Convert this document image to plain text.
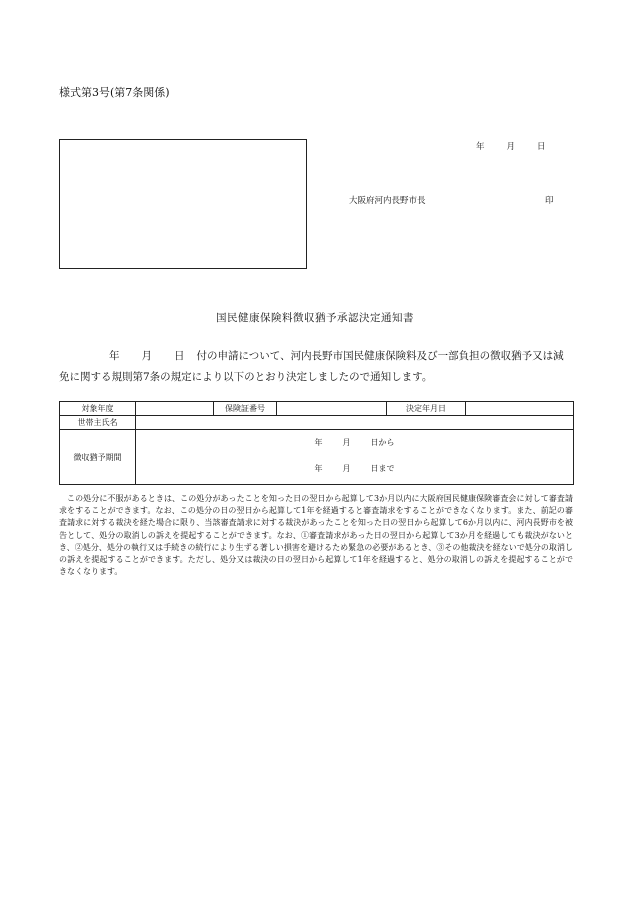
様式第3号(第7条関係)
年	月	日
大阪府河内長野市長	印
国民健康保険料徴収猶予承認決定通知書
年 月 日 付の申請について、河内長野市国民健康保険料及び一部負担の徴収猶予又は減免に関する規則第7条の規定により以下のとおり決定しましたので通知します。
対象年度		保険証番号		決定年月日	
世帯主氏名					
徴収猶予期間	年 月 日から
年 月 日まで				
この処分に不服があるときは、この処分があったことを知った日の翌日から起算して3か月以内に大阪府国民健康保険審査会に対して審査請求をすることができます。なお、この処分の日の翌日から起算して1年を経過すると審査請求をすることができなくなります。また、前記の審査請求に対する裁決を経た場合に限り、当該審査請求に対する裁決があったことを知った日の翌日から起算して6か月以内に、河内長野市を被告として、処分の取消しの訴えを提起することができます。なお、①審査請求があった日の翌日から起算して3か月を経過しても裁決がないとき、②処分、処分の執行又は手続きの続行により生ずる著しい損害を避けるため緊急の必要があるとき、③その他裁決を経ないで処分の取消しの訴えを提起することができます。ただし、処分又は裁決の日の翌日から起算して1年を経過すると、処分の取消しの訴えを提起することができなくなります。
